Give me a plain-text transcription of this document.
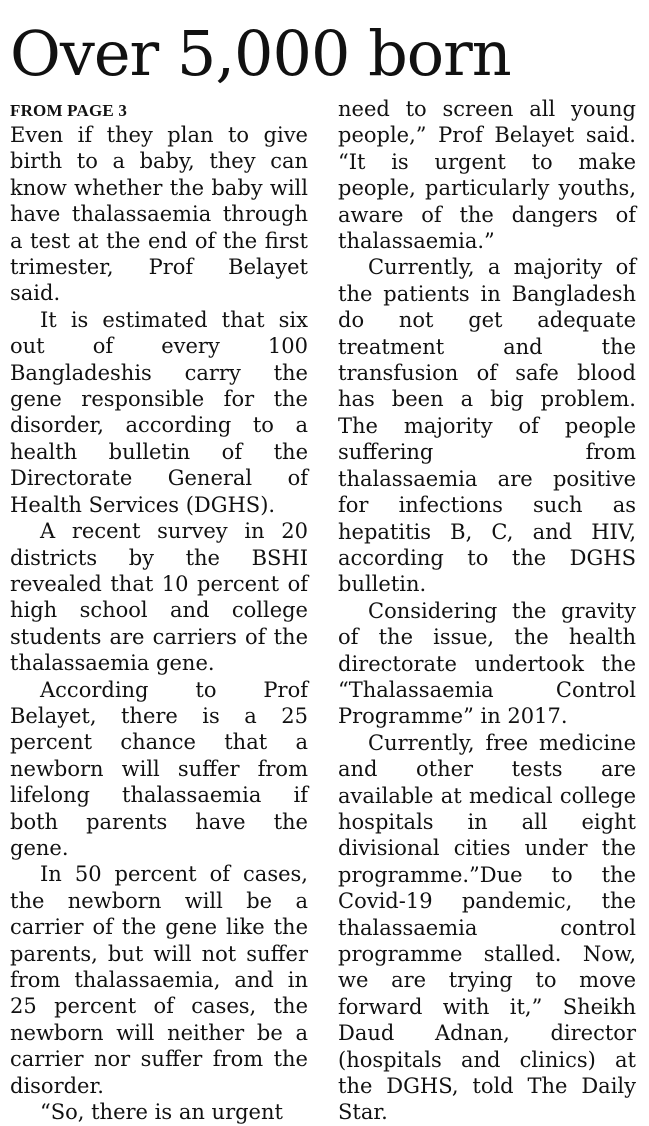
Over 5,000 born
FROM PAGE 3

Even if they plan to give birth to a baby, they can know whether the baby will have thalassaemia through a test at the end of the first trimester, Prof Belayet said.

It is estimated that six out of every 100 Bangladeshis carry the gene responsible for the disorder, according to a health bulletin of the Directorate General of Health Services (DGHS).

A recent survey in 20 districts by the BSHI revealed that 10 percent of high school and college students are carriers of the thalassaemia gene.

According to Prof Belayet, there is a 25 percent chance that a newborn will suffer from lifelong thalassaemia if both parents have the gene.

In 50 percent of cases, the newborn will be a carrier of the gene like the parents, but will not suffer from thalassaemia, and in 25 percent of cases, the newborn will neither be a carrier nor suffer from the disorder.

“So, there is an urgent

need to screen all young people,” Prof Belayet said. “It is urgent to make people, particularly youths, aware of the dangers of thalassaemia.”

Currently, a majority of the patients in Bangladesh do not get adequate treatment and the transfusion of safe blood has been a big problem. The majority of people suffering from thalassaemia are positive for infections such as hepatitis B, C, and HIV, according to the DGHS bulletin.

Considering the gravity of the issue, the health directorate undertook the “Thalassaemia Control Programme” in 2017.

Currently, free medicine and other tests are available at medical college hospitals in all eight divisional cities under the programme.”Due to the Covid-19 pandemic, the thalassaemia control programme stalled. Now, we are trying to move forward with it,” Sheikh Daud Adnan, director (hospitals and clinics) at the DGHS, told The Daily Star.
